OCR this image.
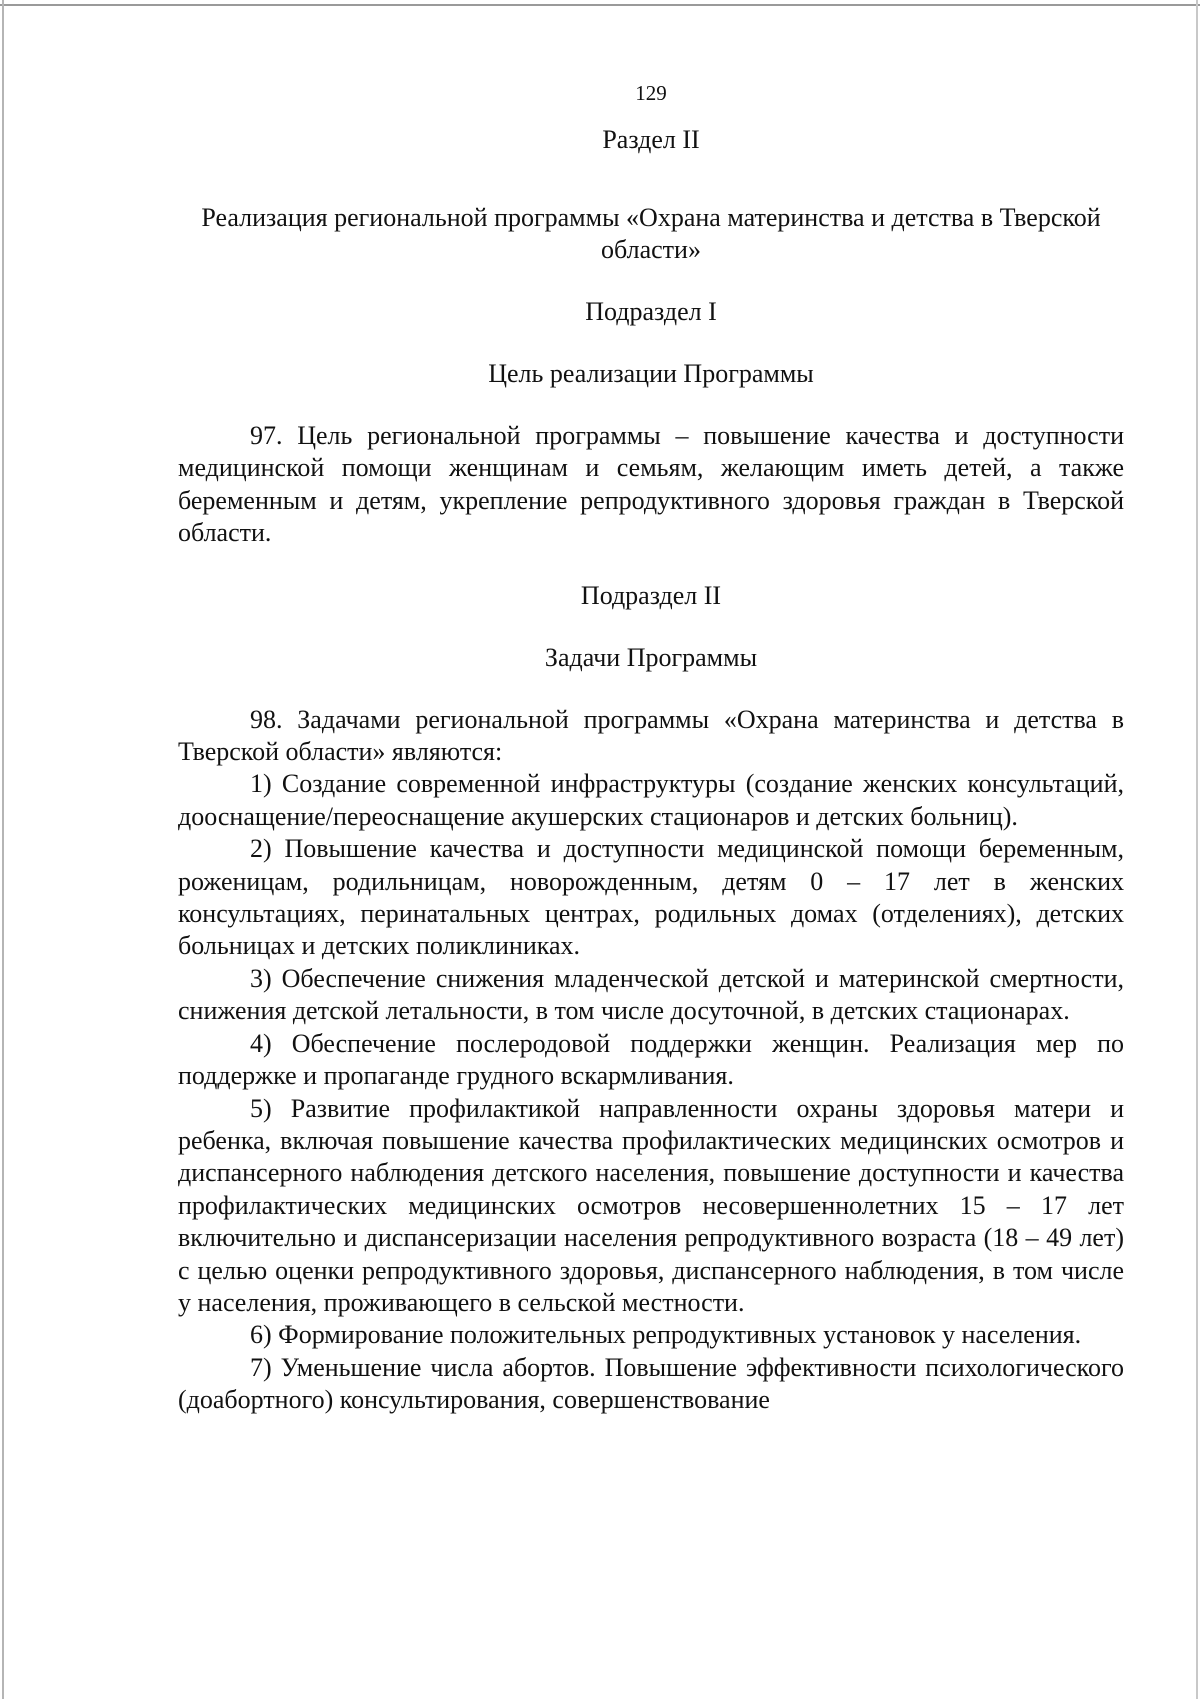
129

Раздел II

Реализация региональной программы «Охрана материнства и детства в Тверской области»

Подраздел I

Цель реализации Программы

97. Цель региональной программы – повышение качества и доступности медицинской помощи женщинам и семьям, желающим иметь детей, а также беременным и детям, укрепление репродуктивного здоровья граждан в Тверской области.

Подраздел II

Задачи Программы

98. Задачами региональной программы «Охрана материнства и детства в Тверской области» являются:

1) Создание современной инфраструктуры (создание женских консультаций, дооснащение/переоснащение акушерских стационаров и детских больниц).
2) Повышение качества и доступности медицинской помощи беременным, роженицам, родильницам, новорожденным, детям 0 – 17 лет в женских консультациях, перинатальных центрах, родильных домах (отделениях), детских больницах и детских поликлиниках.
3) Обеспечение снижения младенческой детской и материнской смертности, снижения детской летальности, в том числе досуточной, в детских стационарах.
4) Обеспечение послеродовой поддержки женщин. Реализация мер по поддержке и пропаганде грудного вскармливания.
5) Развитие профилактикой направленности охраны здоровья матери и ребенка, включая повышение качества профилактических медицинских осмотров и диспансерного наблюдения детского населения, повышение доступности и качества профилактических медицинских осмотров несовершеннолетних 15 – 17 лет включительно и диспансеризации населения репродуктивного возраста (18 – 49 лет) с целью оценки репродуктивного здоровья, диспансерного наблюдения, в том числе у населения, проживающего в сельской местности.
6) Формирование положительных репродуктивных установок у населения.
7) Уменьшение числа абортов. Повышение эффективности психологического (доабортного) консультирования, совершенствование
